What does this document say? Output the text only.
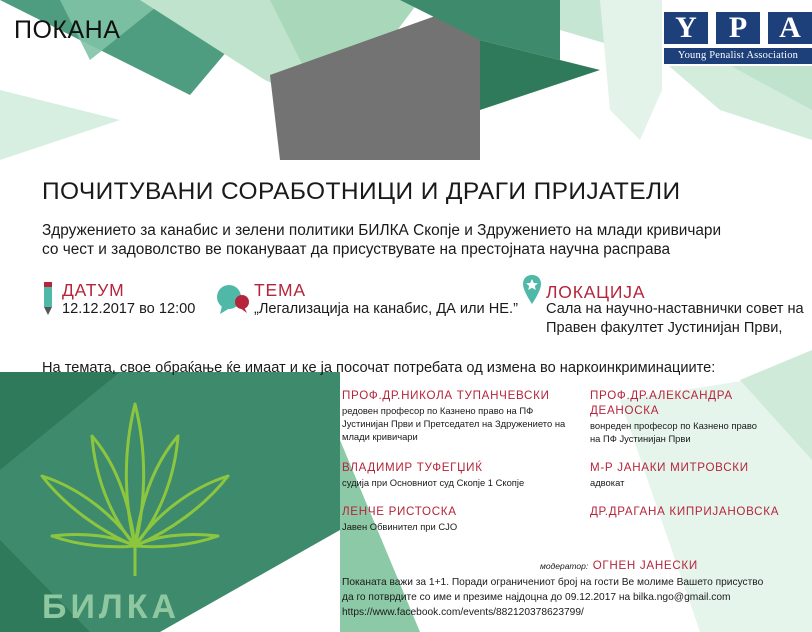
ПОКАНА	Y	P	A
Young Penalist Association
ПОЧИТУВАНИ СОРАБОТНИЦИ И ДРАГИ ПРИЈАТЕЛИ
Здружението за канабис и зелени политики БИЛКА Скопје и Здружението на млади кривичари
со чест и задоволство ве покануваат да присуствувате на престојната научна расправа
ДАТУМ
12.12.2017 во 12:00
ТЕМА
„Легализација на канабис, ДА или НЕ.”
ЛОКАЦИЈА
Сала на научно-наставнички совет на
Правен факултет Јустинијан Први,
На темата, свое обраќање ќе имаат и ке ја посочат потребата од измена во наркоинкриминациите:
ПРОФ.ДР.НИКОЛА ТУПАНЧЕВСКИ
редовен професор по Казнено право на ПФ
Јустинијан Први и Претседател на Здружението на
млади кривичари
ПРОФ.ДР.АЛЕКСАНДРА
ДЕАНОСКА
вонреден професор по Казнено право
на ПФ Јустинијан Први
ВЛАДИМИР ТУФЕГЏИЌ
судија при Основниот суд Скопје 1 Скопје
М-Р ЈАНАКИ МИТРОВСКИ
адвокат
ЛЕНЧЕ РИСТОСКА
Јавен Обвинител при СЈО
ДР.ДРАГАНА КИПРИЈАНОВСКА
модератор: ОГНЕН ЈАНЕСКИ
Поканата важи за 1+1. Поради ограничениот број на гости Ве молиме Вашето присуство
да го потврдите со име и презиме најдоцна до 09.12.2017 на bilka.ngo@gmail.com
https://www.facebook.com/events/882120378623799/
БИЛКА
